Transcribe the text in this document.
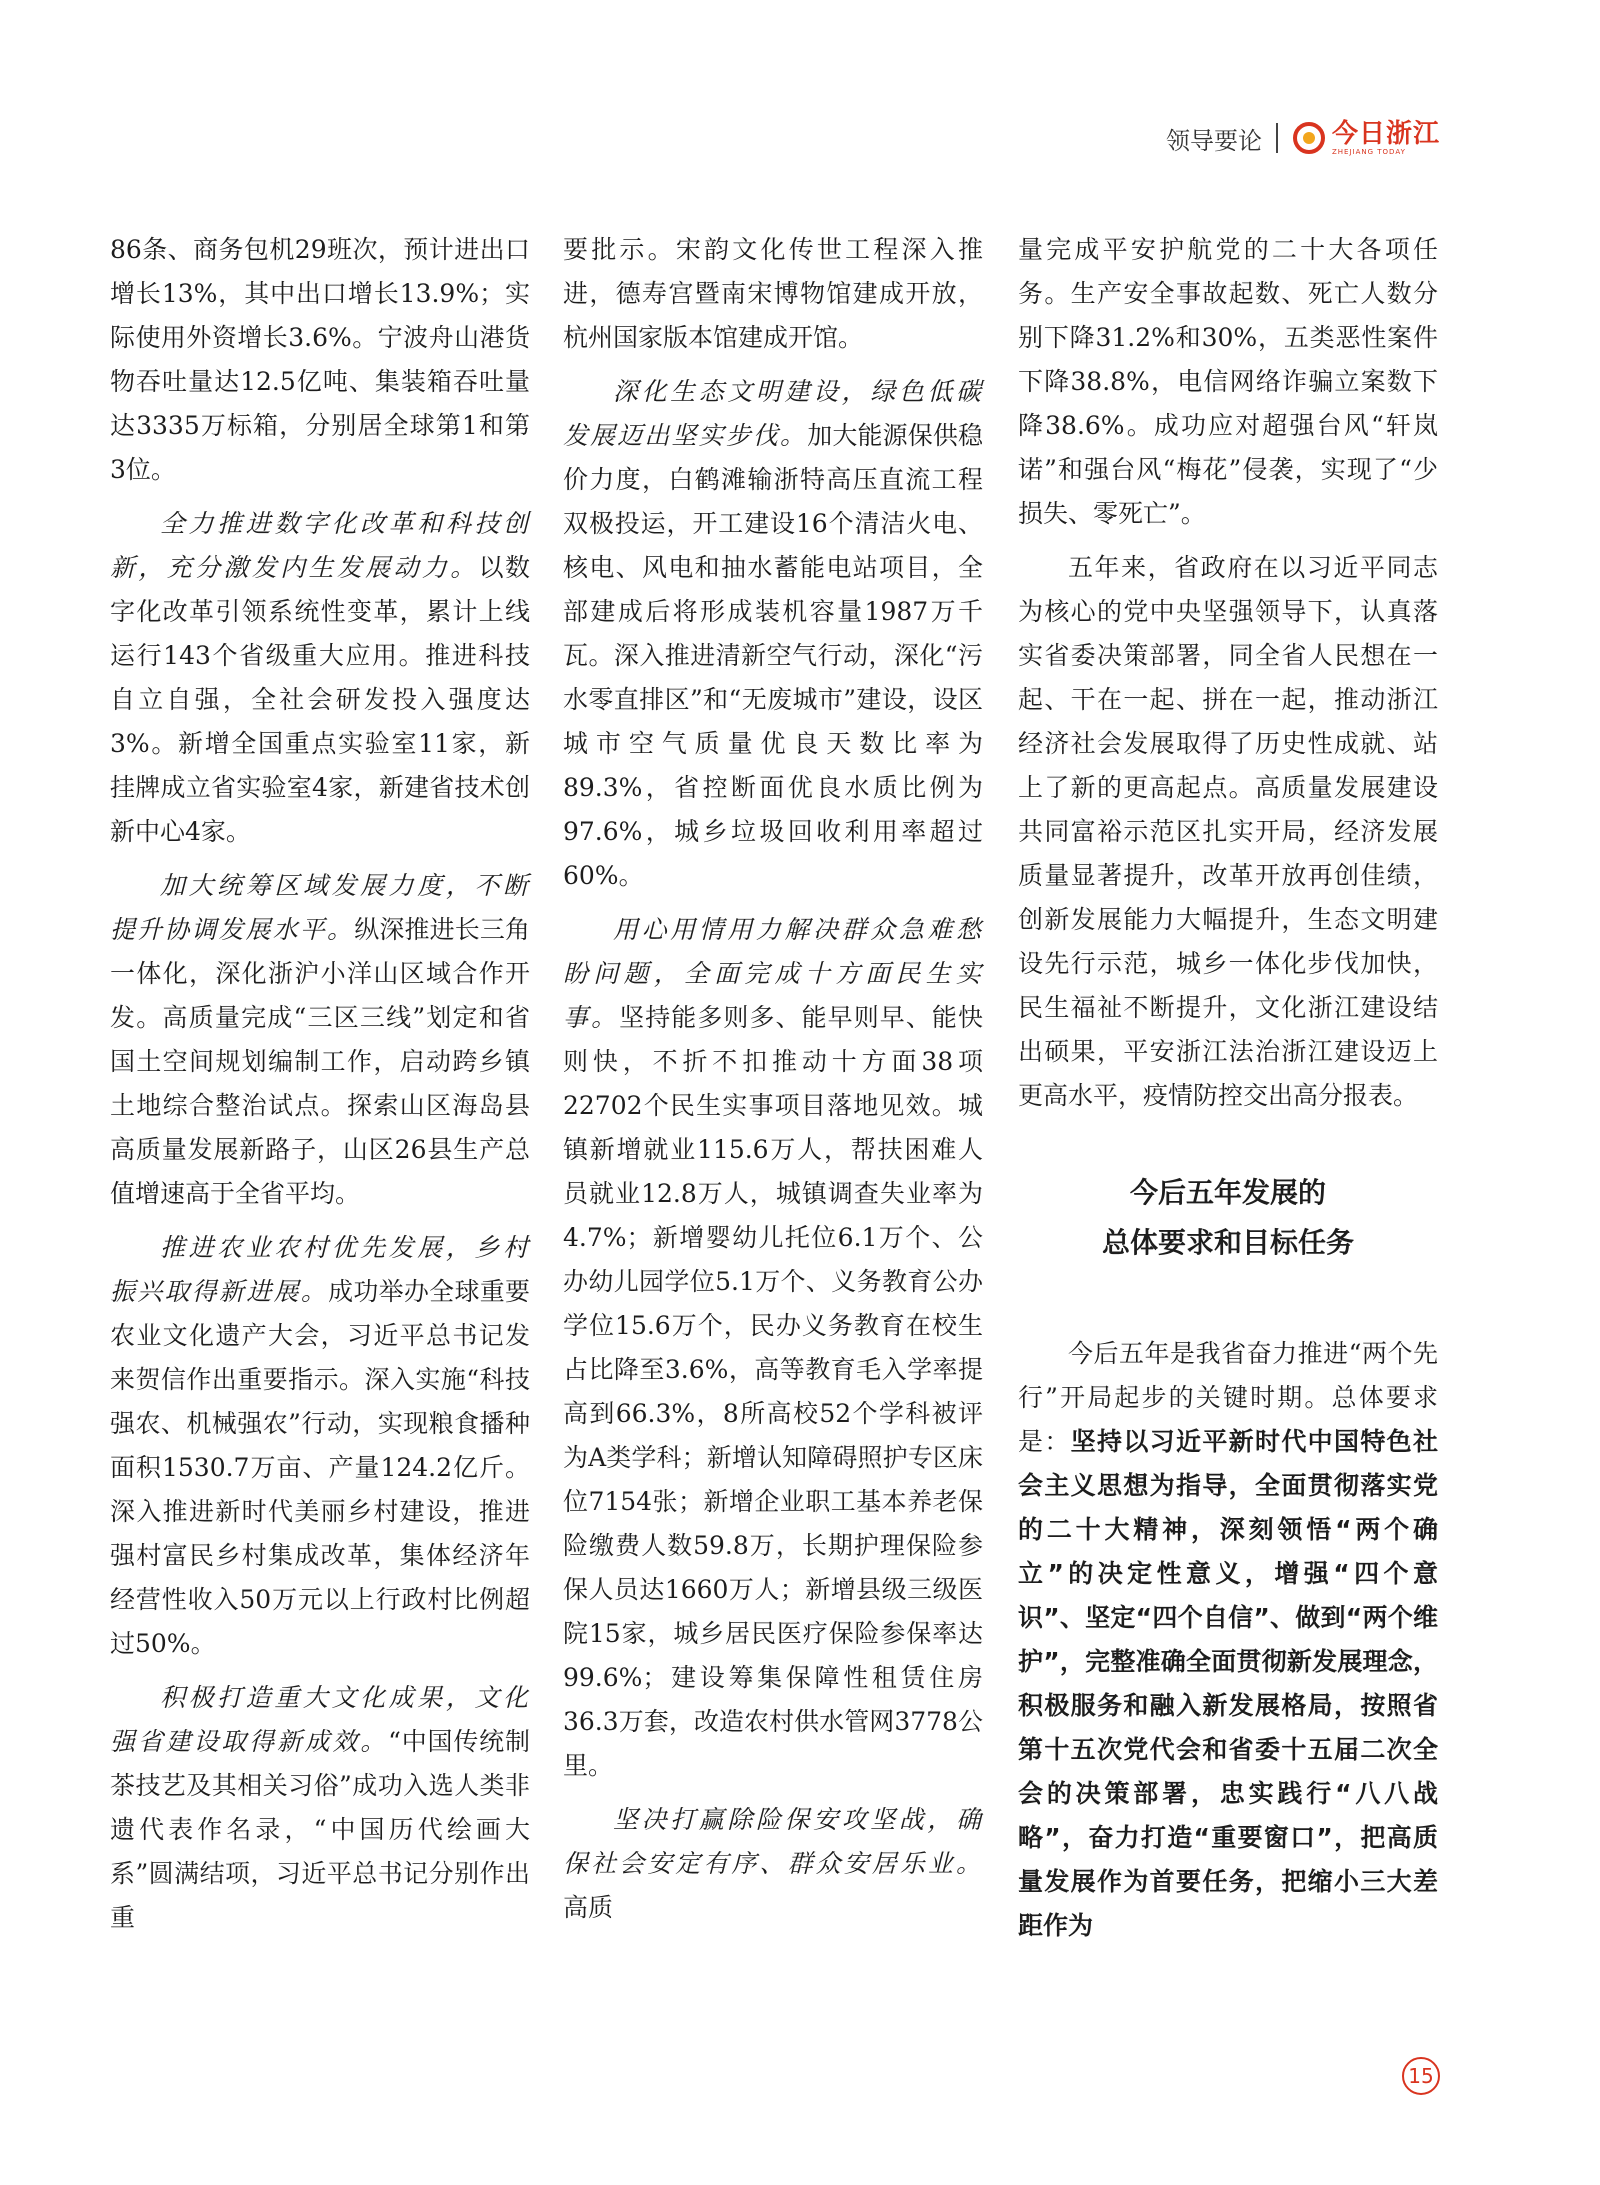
领导要论	今日浙江
ZHEJIANG TODAY

86条、商务包机29班次，预计进出口增长13%，其中出口增长13.9%；实际使用外资增长3.6%。宁波舟山港货物吞吐量达12.5亿吨、集装箱吞吐量达3335万标箱，分别居全球第1和第3位。

全力推进数字化改革和科技创新，充分激发内生发展动力。以数字化改革引领系统性变革，累计上线运行143个省级重大应用。推进科技自立自强，全社会研发投入强度达3%。新增全国重点实验室11家，新挂牌成立省实验室4家，新建省技术创新中心4家。

加大统筹区域发展力度，不断提升协调发展水平。纵深推进长三角一体化，深化浙沪小洋山区域合作开发。高质量完成“三区三线”划定和省国土空间规划编制工作，启动跨乡镇土地综合整治试点。探索山区海岛县高质量发展新路子，山区26县生产总值增速高于全省平均。

推进农业农村优先发展，乡村振兴取得新进展。成功举办全球重要农业文化遗产大会，习近平总书记发来贺信作出重要指示。深入实施“科技强农、机械强农”行动，实现粮食播种面积1530.7万亩、产量124.2亿斤。深入推进新时代美丽乡村建设，推进强村富民乡村集成改革，集体经济年经营性收入50万元以上行政村比例超过50%。

积极打造重大文化成果，文化强省建设取得新成效。“中国传统制茶技艺及其相关习俗”成功入选人类非遗代表作名录，“中国历代绘画大系”圆满结项，习近平总书记分别作出重

要批示。宋韵文化传世工程深入推进，德寿宫暨南宋博物馆建成开放，杭州国家版本馆建成开馆。

深化生态文明建设，绿色低碳发展迈出坚实步伐。加大能源保供稳价力度，白鹤滩输浙特高压直流工程双极投运，开工建设16个清洁火电、核电、风电和抽水蓄能电站项目，全部建成后将形成装机容量1987万千瓦。深入推进清新空气行动，深化“污水零直排区”和“无废城市”建设，设区城市空气质量优良天数比率为89.3%，省控断面优良水质比例为97.6%，城乡垃圾回收利用率超过60%。

用心用情用力解决群众急难愁盼问题，全面完成十方面民生实事。坚持能多则多、能早则早、能快则快，不折不扣推动十方面38项22702个民生实事项目落地见效。城镇新增就业115.6万人，帮扶困难人员就业12.8万人，城镇调查失业率为4.7%；新增婴幼儿托位6.1万个、公办幼儿园学位5.1万个、义务教育公办学位15.6万个，民办义务教育在校生占比降至3.6%，高等教育毛入学率提高到66.3%，8所高校52个学科被评为A类学科；新增认知障碍照护专区床位7154张；新增企业职工基本养老保险缴费人数59.8万，长期护理保险参保人员达1660万人；新增县级三级医院15家，城乡居民医疗保险参保率达99.6%；建设筹集保障性租赁住房36.3万套，改造农村供水管网3778公里。

坚决打赢除险保安攻坚战，确保社会安定有序、群众安居乐业。高质

量完成平安护航党的二十大各项任务。生产安全事故起数、死亡人数分别下降31.2%和30%，五类恶性案件下降38.8%，电信网络诈骗立案数下降38.6%。成功应对超强台风“轩岚诺”和强台风“梅花”侵袭，实现了“少损失、零死亡”。

五年来，省政府在以习近平同志为核心的党中央坚强领导下，认真落实省委决策部署，同全省人民想在一起、干在一起、拼在一起，推动浙江经济社会发展取得了历史性成就、站上了新的更高起点。高质量发展建设共同富裕示范区扎实开局，经济发展质量显著提升，改革开放再创佳绩，创新发展能力大幅提升，生态文明建设先行示范，城乡一体化步伐加快，民生福祉不断提升，文化浙江建设结出硕果，平安浙江法治浙江建设迈上更高水平，疫情防控交出高分报表。

今后五年发展的
总体要求和目标任务

今后五年是我省奋力推进“两个先行”开局起步的关键时期。总体要求是：坚持以习近平新时代中国特色社会主义思想为指导，全面贯彻落实党的二十大精神，深刻领悟“两个确立”的决定性意义，增强“四个意识”、坚定“四个自信”、做到“两个维护”，完整准确全面贯彻新发展理念，积极服务和融入新发展格局，按照省第十五次党代会和省委十五届二次全会的决策部署，忠实践行“八八战略”，奋力打造“重要窗口”，把高质量发展作为首要任务，把缩小三大差距作为

15
